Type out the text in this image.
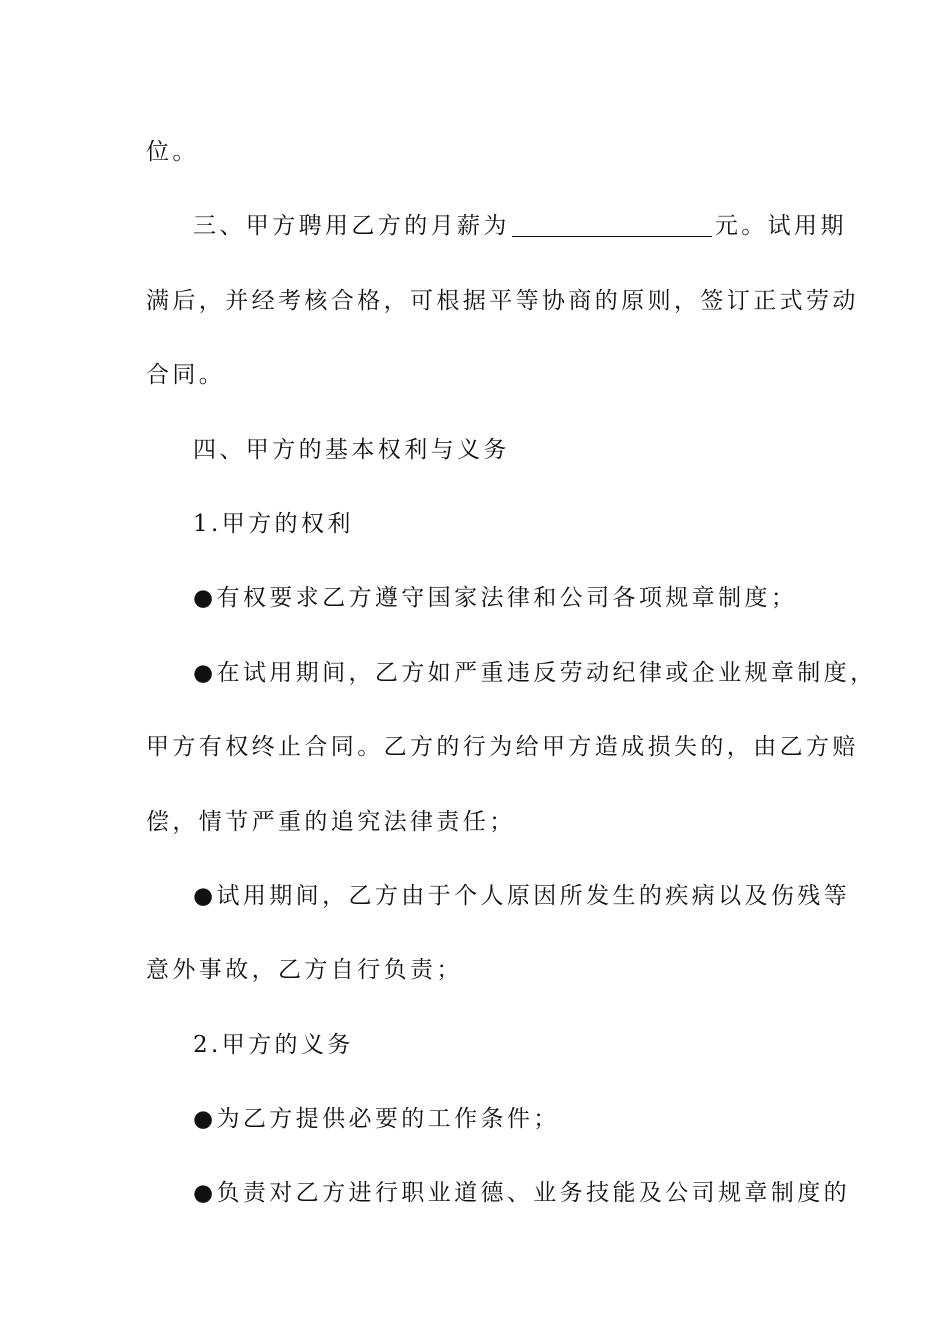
位。
三、甲方聘用乙方的月薪为	元。试用期
满后，并经考核合格，可根据平等协商的原则，签订正式劳动
合同。
四、甲方的基本权利与义务
1.甲方的权利
●有权要求乙方遵守国家法律和公司各项规章制度；
●在试用期间，乙方如严重违反劳动纪律或企业规章制度，
甲方有权终止合同。乙方的行为给甲方造成损失的，由乙方赔
偿，情节严重的追究法律责任；
●试用期间，乙方由于个人原因所发生的疾病以及伤残等
意外事故，乙方自行负责；
2.甲方的义务
●为乙方提供必要的工作条件；
●负责对乙方进行职业道德、业务技能及公司规章制度的
